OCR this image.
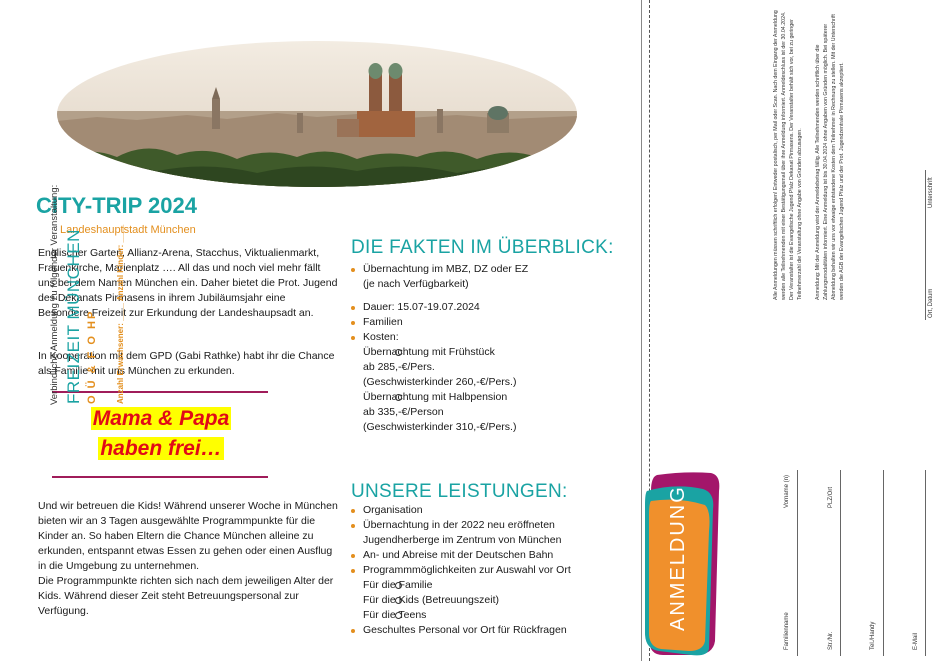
CITY-TRIP 2024
Landeshauptstadt München

Englischer Garten, Allianz-Arena, Stacchus, Viktualienmarkt, Frauenkirche, Marienplatz …. All das und noch viel mehr fällt uns bei dem Namen München ein. Daher bietet die Prot. Jugend des Dekanats Pirmasens in ihrem Jubiläumsjahr eine Besondere Freizeit zur Erkundung der Landeshaupsadt an.

In Kooperation mit dem GPD (Gabi Rathke) habt ihr die Chance als Familie mit uns München zu erkunden.

Mama & Papa
haben frei…

Und wir betreuen die Kids! Während unserer Woche in München bieten wir an 3 Tagen ausgewählte Programmpunkte für die Kinder an. So haben Eltern die Chance München alleine zu erkunden, entspannt etwas Essen zu gehen oder einen Ausflug in die Umgebung zu unternehmen.

Die Programmpunkte richten sich nach dem jeweiligen Alter der Kids. Während dieser Zeit steht Betreuungspersonal zur Verfügung.

DIE FAKTEN IM ÜBERBLICK:
Übernachtung im MBZ, DZ oder EZ
(je nach Verfügbarkeit)
Dauer: 15.07-19.07.2024
Familien
Kosten:
Übernachtung mit Frühstück
ab 285,-€/Pers.
(Geschwisterkinder 260,-€/Pers.)
Übernachtung mit Halbpension
ab 335,-€/Person
(Geschwisterkinder 310,-€/Pers.)
UNSERE LEISTUNGEN:
Organisation
Übernachtung in der 2022 neu eröffneten
Jugendherberge im Zentrum von München
An- und Abreise mit der Deutschen Bahn
Programmmöglichkeiten zur Auswahl vor Ort
Für die Familie
Für die Kids (Betreuungszeit)
Für die Teens
Geschultes Personal vor Ort für Rückfragen
Verbindliche Anmeldung zu folgender Veranstaltung: FREIZEIT MÜNCHEN O Ü & F O HP Anzahl Erwachsener: ____ Anzahl Kinder: ____
ANMELDUNG
Familienname
Vorname (n)
Str./Nr.
PLZ/Ort
Tel./Handy	E-Mail
Ort, Datum
Unterschrift
Alle Anmeldungen müssen schriftlich erfolgen! Entweder postalisch, per Mail oder Scan. Nach dem Eingang der Anmeldung werden alle Teilnehmenden mit einer Bestätigungsmail über ihre Anmeldung informiert. Anmeldeschluss ist der 30.04.2024. Der Veranstalter ist die Evangelische Jugend Pfalz Dekanat Pirmasens. Der Veranstalter behält sich vor, bei zu geringer Teilnehmerzahl die Veranstaltung ohne Angabe von Gründen abzusagen. Anmeldung: Mit der Anmeldung wird der Anmeldebetrag fällig. Alle Teilnehmenden werden schriftlich über die Zahlungsmodalitäten informiert. Eine Anmeldung ist bis 30.04.2024 ohne Angaben von Gründen möglich. Bei späterer Abmeldung behalten wir uns vor etwaige entstandene Kosten dem Teilnehmer in Rechnung zu stellen. Mit der Unterschrift werden die AGB der Evangelischen Jugend Pfalz und der Prot. Jugendzentrale Pirmasens akzeptiert.
